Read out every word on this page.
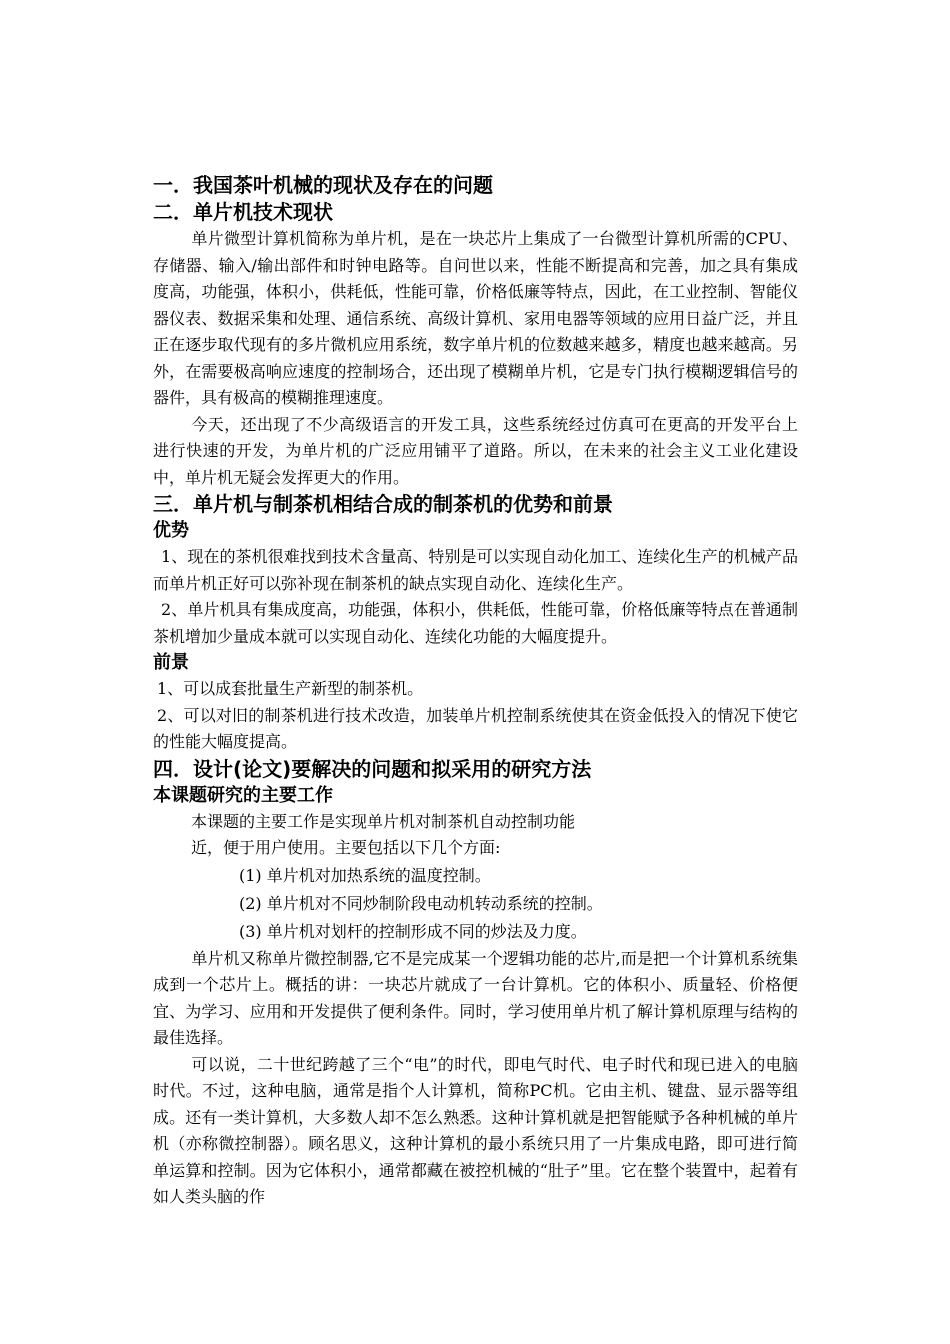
一．我国茶叶机械的现状及存在的问题

二．单片机技术现状

单片微型计算机简称为单片机，是在一块芯片上集成了一台微型计算机所需的CPU、存储器、输入/输出部件和时钟电路等。自问世以来，性能不断提高和完善，加之具有集成度高，功能强，体积小，供耗低，性能可靠，价格低廉等特点，因此，在工业控制、智能仪器仪表、数据采集和处理、通信系统、高级计算机、家用电器等领域的应用日益广泛，并且正在逐步取代现有的多片微机应用系统，数字单片机的位数越来越多，精度也越来越高。另外，在需要极高响应速度的控制场合，还出现了模糊单片机，它是专门执行模糊逻辑信号的器件，具有极高的模糊推理速度。

今天，还出现了不少高级语言的开发工具，这些系统经过仿真可在更高的开发平台上进行快速的开发，为单片机的广泛应用铺平了道路。所以，在未来的社会主义工业化建设中，单片机无疑会发挥更大的作用。

三．单片机与制茶机相结合成的制茶机的优势和前景

优势

1、现在的茶机很难找到技术含量高、特别是可以实现自动化加工、连续化生产的机械产品而单片机正好可以弥补现在制茶机的缺点实现自动化、连续化生产。

2、单片机具有集成度高，功能强，体积小，供耗低，性能可靠，价格低廉等特点在普通制茶机增加少量成本就可以实现自动化、连续化功能的大幅度提升。

前景

1、可以成套批量生产新型的制茶机。

2、可以对旧的制茶机进行技术改造，加装单片机控制系统使其在资金低投入的情况下使它的性能大幅度提高。

四．设计(论文)要解决的问题和拟采用的研究方法

本课题研究的主要工作

本课题的主要工作是实现单片机对制茶机自动控制功能

近，便于用户使用。主要包括以下几个方面:

(1) 单片机对加热系统的温度控制。

(2) 单片机对不同炒制阶段电动机转动系统的控制。

(3) 单片机对划杆的控制形成不同的炒法及力度。

单片机又称单片微控制器,它不是完成某一个逻辑功能的芯片,而是把一个计算机系统集成到一个芯片上。概括的讲：一块芯片就成了一台计算机。它的体积小、质量轻、价格便宜、为学习、应用和开发提供了便利条件。同时，学习使用单片机了解计算机原理与结构的最佳选择。

可以说，二十世纪跨越了三个“电”的时代，即电气时代、电子时代和现已进入的电脑时代。不过，这种电脑，通常是指个人计算机，简称PC机。它由主机、键盘、显示器等组成。还有一类计算机，大多数人却不怎么熟悉。这种计算机就是把智能赋予各种机械的单片机（亦称微控制器）。顾名思义，这种计算机的最小系统只用了一片集成电路，即可进行简单运算和控制。因为它体积小，通常都藏在被控机械的“肚子”里。它在整个装置中，起着有如人类头脑的作
